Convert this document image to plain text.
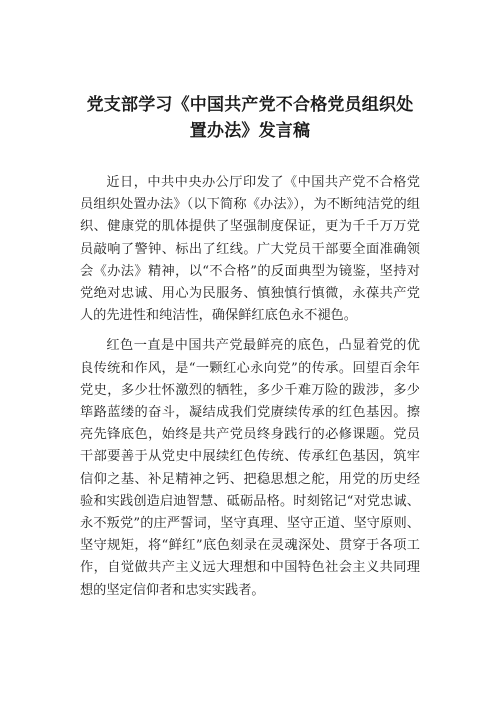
党支部学习《中国共产党不合格党员组织处置办法》发言稿

近日，中共中央办公厅印发了《中国共产党不合格党员组织处置办法》（以下简称《办法》），为不断纯洁党的组织、健康党的肌体提供了坚强制度保证，更为千千万万党员敲响了警钟、标出了红线。广大党员干部要全面准确领会《办法》精神，以“不合格”的反面典型为镜鉴，坚持对党绝对忠诚、用心为民服务、慎独慎行慎微，永葆共产党人的先进性和纯洁性，确保鲜红底色永不褪色。

红色一直是中国共产党最鲜亮的底色，凸显着党的优良传统和作风，是“一颗红心永向党”的传承。回望百余年党史，多少壮怀激烈的牺牲，多少千难万险的跋涉，多少筚路蓝缕的奋斗，凝结成我们党赓续传承的红色基因。擦亮先锋底色，始终是共产党员终身践行的必修课题。党员干部要善于从党史中展续红色传统、传承红色基因，筑牢信仰之基、补足精神之钙、把稳思想之舵，用党的历史经验和实践创造启迪智慧、砥砺品格。时刻铭记“对党忠诚、永不叛党”的庄严誓词，坚守真理、坚守正道、坚守原则、坚守规矩，将“鲜红”底色刻录在灵魂深处、贯穿于各项工作，自觉做共产主义远大理想和中国特色社会主义共同理想的坚定信仰者和忠实实践者。
